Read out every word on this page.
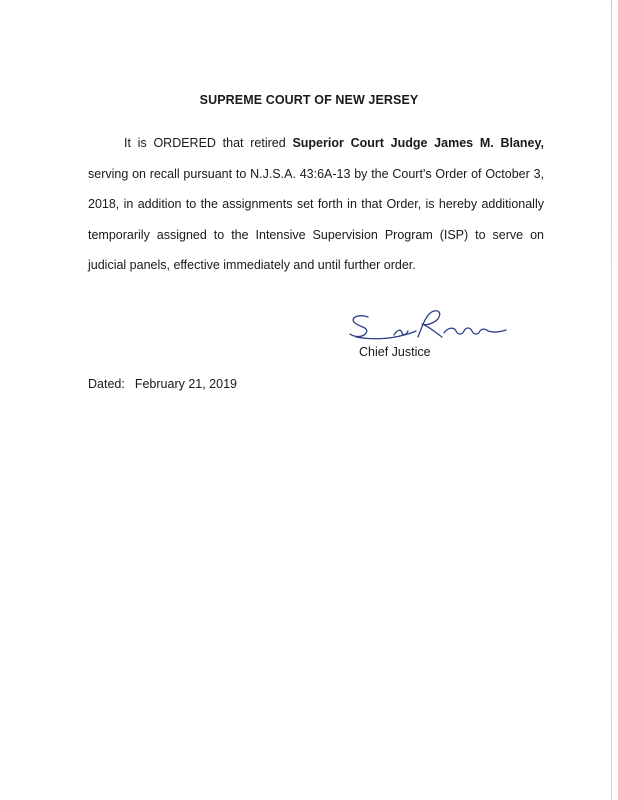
SUPREME COURT OF NEW JERSEY

It is ORDERED that retired Superior Court Judge James M. Blaney, serving on recall pursuant to N.J.S.A. 43:6A-13 by the Court's Order of October 3, 2018, in addition to the assignments set forth in that Order, is hereby additionally temporarily assigned to the Intensive Supervision Program (ISP) to serve on judicial panels, effective immediately and until further order.

Chief Justice

Dated: February 21, 2019
